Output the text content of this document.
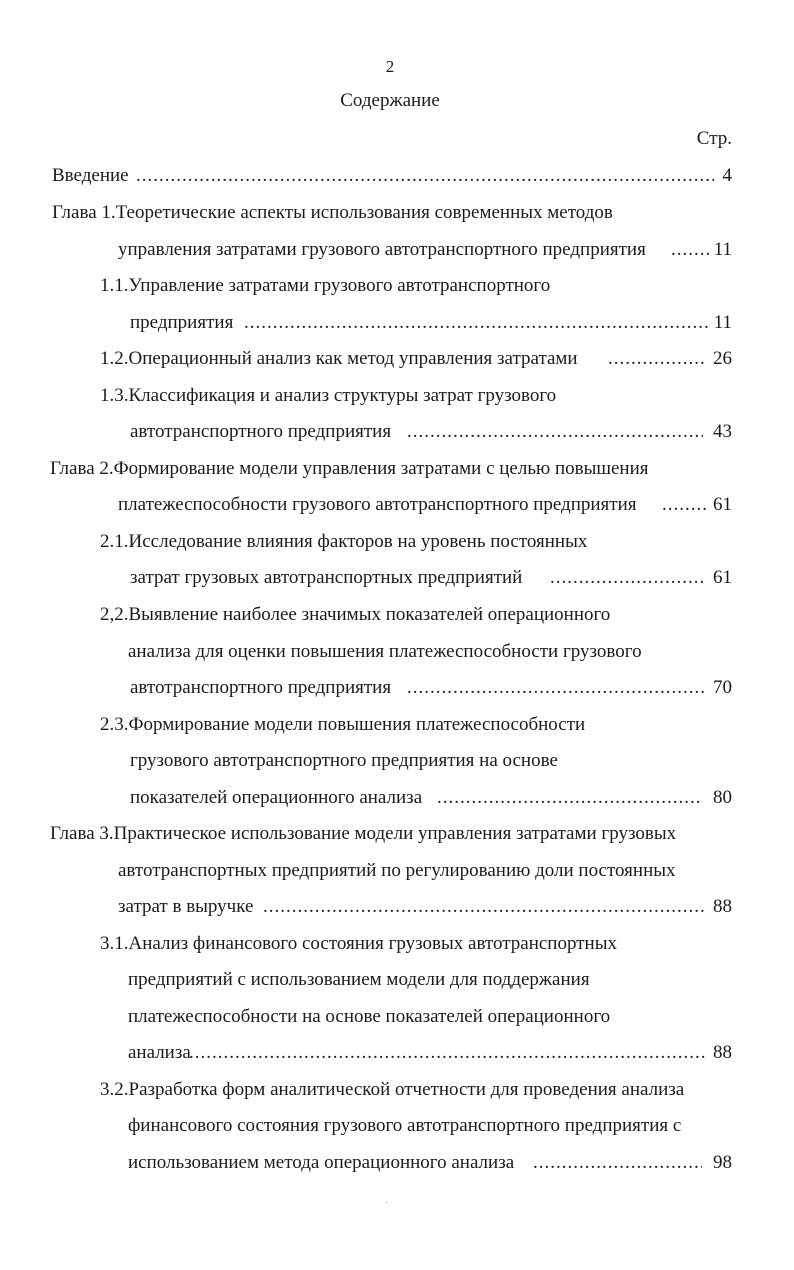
2
Содержание
Стр.
Введение .....	4
Глава 1.Теоретические аспекты использования современных методов
управления затратами грузового автотранспортного предприятия .....	11
1.1.Управление затратами грузового автотранспортного
предприятия .....	11
1.2.Операционный анализ как метод управления затратами .....	26
1.3.Классификация и анализ структуры затрат грузового
автотранспортного предприятия .....	43
Глава 2.Формирование модели управления затратами с целью повышения
платежеспособности грузового автотранспортного предприятия .....	61
2.1.Исследование влияния факторов на уровень постоянных
затрат грузовых автотранспортных предприятий .....	61
2,2.Выявление наиболее значимых показателей операционного
анализа для оценки повышения платежеспособности грузового
автотранспортного предприятия .....	70
2.3.Формирование модели повышения платежеспособности
грузового автотранспортного предприятия на основе
показателей операционного анализа .....	80
Глава 3.Практическое использование модели управления затратами грузовых
автотранспортных предприятий по регулированию доли постоянных
затрат в выручке .....	88
3.1.Анализ финансового состояния грузовых автотранспортных
предприятий с использованием модели для поддержания
платежеспособности на основе показателей операционного
анализа .....	88
3.2.Разработка форм аналитической отчетности для проведения анализа
финансового состояния грузового автотранспортного предприятия с
использованием метода операционного анализа .....	98
·
